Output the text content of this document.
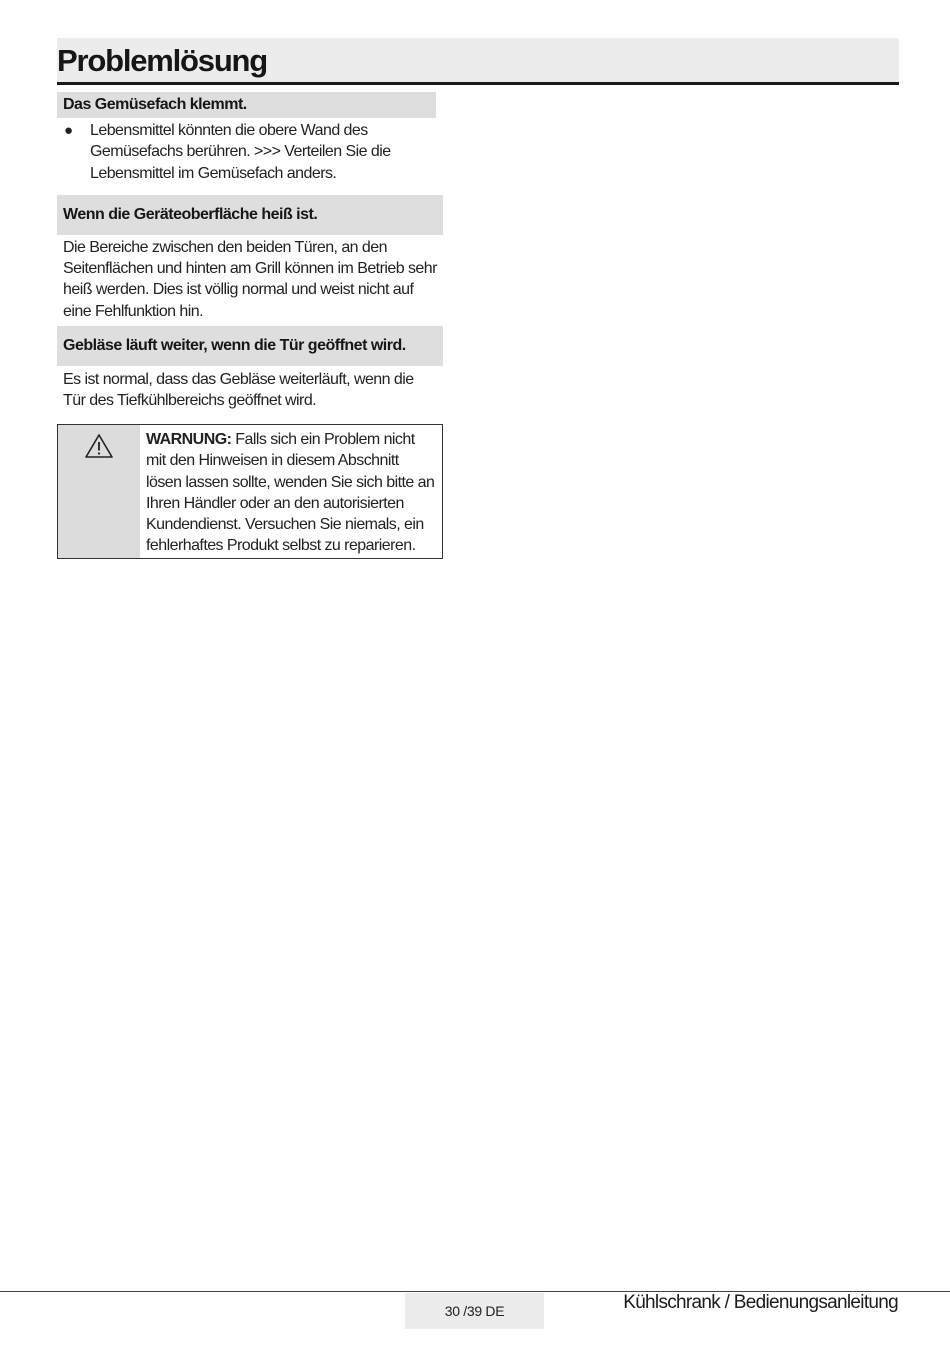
Problemlösung
Das Gemüsefach klemmt.
● Lebensmittel könnten die obere Wand des Gemüsefachs berühren. >>> Verteilen Sie die Lebensmittel im Gemüsefach anders.
Wenn die Geräteoberfläche heiß ist.
Die Bereiche zwischen den beiden Türen, an den Seitenflächen und hinten am Grill können im Betrieb sehr heiß werden. Dies ist völlig normal und weist nicht auf eine Fehlfunktion hin.
Gebläse läuft weiter, wenn die Tür geöffnet wird.
Es ist normal, dass das Gebläse weiterläuft, wenn die Tür des Tiefkühlbereichs geöffnet wird.
WARNUNG: Falls sich ein Problem nicht mit den Hinweisen in diesem Abschnitt lösen lassen sollte, wenden Sie sich bitte an Ihren Händler oder an den autorisierten Kundendienst. Versuchen Sie niemals, ein fehlerhaftes Produkt selbst zu reparieren.
30 /39 DE	Kühlschrank / Bedienungsanleitung
